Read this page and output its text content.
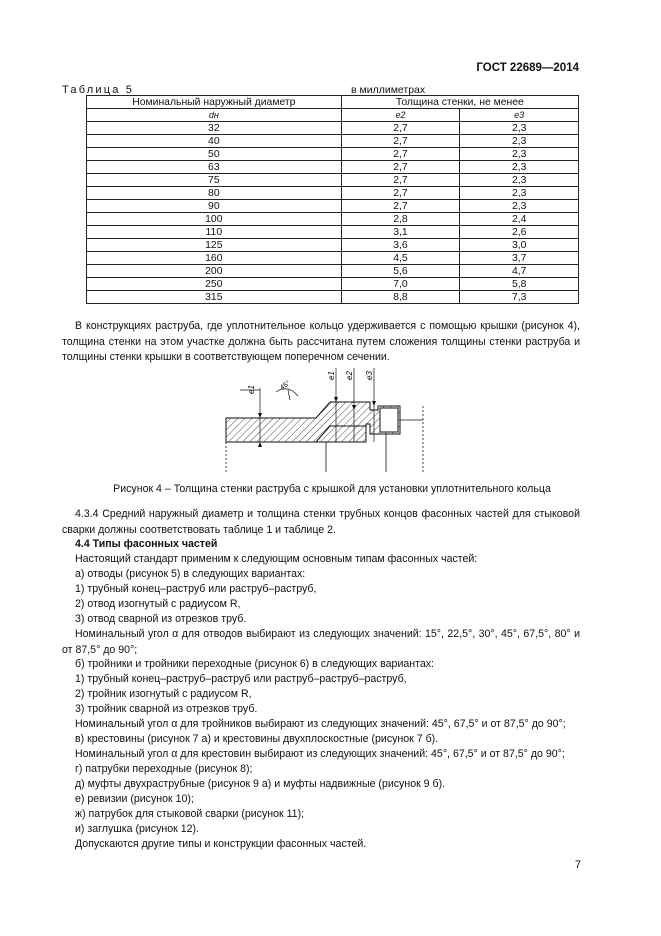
ГОСТ 22689—2014
Таблица 5	в миллиметрах
Номинальный наружный диаметр	Толщина стенки, не менее	
dн	e2	e3
32	2,7	2,3
40	2,7	2,3
50	2,7	2,3
63	2,7	2,3
75	2,7	2,3
80	2,7	2,3
90	2,7	2,3
100	2,8	2,4
110	3,1	2,6
125	3,6	3,0
160	4,5	3,7
200	5,6	4,7
250	7,0	5,8
315	8,8	7,3
В конструкциях раструба, где уплотнительное кольцо удерживается с помощью крышки (рисунок 4), толщина стенки на этом участке должна быть рассчитана путем сложения толщины стенки раструба и толщины стенки крышки в соответствующем поперечном сечении.
e1
e1 e2 e3
45°
Рисунок 4 – Толщина стенки раструба с крышкой для установки уплотнительного кольца
4.3.4 Средний наружный диаметр и толщина стенки трубных концов фасонных частей для стыковой сварки должны соответствовать таблице 1 и таблице 2.
4.4 Типы фасонных частей
Настоящий стандарт применим к следующим основным типам фасонных частей:
а) отводы (рисунок 5) в следующих вариантах:
1) трубный конец–раструб или раструб–раструб,
2) отвод изогнутый с радиусом R,
3) отвод сварной из отрезков труб.
Номинальный угол α для отводов выбирают из следующих значений: 15°, 22,5°, 30°, 45°, 67,5°, 80° и от 87,5° до 90°;
б) тройники и тройники переходные (рисунок 6) в следующих вариантах:
1) трубный конец–раструб–раструб или раструб–раструб–раструб,
2) тройник изогнутый с радиусом R,
3) тройник сварной из отрезков труб.
Номинальный угол α для тройников выбирают из следующих значений: 45°, 67,5° и от 87,5° до 90°;
в) крестовины (рисунок 7 а) и крестовины двухплоскостные (рисунок 7 б).
Номинальный угол α для крестовин выбирают из следующих значений: 45°, 67,5° и от 87,5° до 90°;
г) патрубки переходные (рисунок 8);
д) муфты двухраструбные (рисунок 9 а) и муфты надвижные (рисунок 9 б).
е) ревизии (рисунок 10);
ж) патрубок для стыковой сварки (рисунок 11);
и) заглушка (рисунок 12).
Допускаются другие типы и конструкции фасонных частей.
7
